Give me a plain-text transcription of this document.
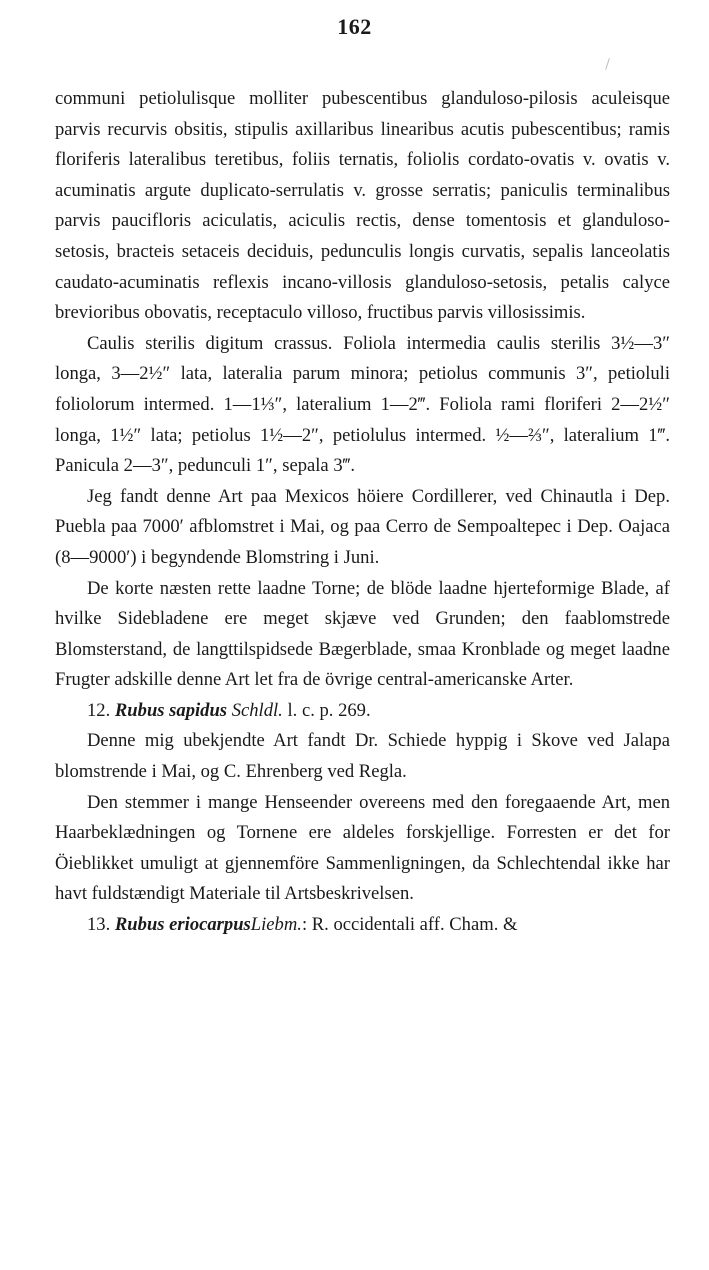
162

communi petiolulisque molliter pubescentibus glanduloso-pilosis aculeisque parvis recurvis obsitis, stipulis axillaribus linearibus acutis pubescentibus; ramis floriferis lateralibus teretibus, foliis ternatis, foliolis cordato-ovatis v. ovatis v. acuminatis argute duplicato-serrulatis v. grosse serratis; paniculis terminalibus parvis paucifloris aciculatis, aciculis rectis, dense tomentosis et glanduloso-setosis, bracteis setaceis deciduis, pedunculis longis curvatis, sepalis lanceolatis caudato-acuminatis reflexis incano-villosis glanduloso-setosis, petalis calyce brevioribus obovatis, receptaculo villoso, fructibus parvis villosissimis.

Caulis sterilis digitum crassus. Foliola intermedia caulis sterilis 3½—3″ longa, 3—2½″ lata, lateralia parum minora; petiolus communis 3″, petioluli foliolorum intermed. 1—1⅓″, lateralium 1—2‴. Foliola rami floriferi 2—2½″ longa, 1½″ lata; petiolus 1½—2″, petiolulus intermed. ½—⅔″, lateralium 1‴. Panicula 2—3″, pedunculi 1″, sepala 3‴.

Jeg fandt denne Art paa Mexicos höiere Cordillerer, ved Chinautla i Dep. Puebla paa 7000′ afblomstret i Mai, og paa Cerro de Sempoaltepec i Dep. Oajaca (8—9000′) i begyndende Blomstring i Juni.

De korte næsten rette laadne Torne; de blöde laadne hjerteformige Blade, af hvilke Sidebladene ere meget skjæve ved Grunden; den faablomstrede Blomsterstand, de langttilspidsede Bægerblade, smaa Kronblade og meget laadne Frugter adskille denne Art let fra de övrige central-americanske Arter.

12. Rubus sapidus Schldl. l. c. p. 269.

Denne mig ubekjendte Art fandt Dr. Schiede hyppig i Skove ved Jalapa blomstrende i Mai, og C. Ehrenberg ved Regla.

Den stemmer i mange Henseender overeens med den foregaaende Art, men Haarbeklædningen og Tornene ere aldeles forskjellige. Forresten er det for Öieblikket umuligt at gjennemföre Sammenligningen, da Schlechtendal ikke har havt fuldstændigt Materiale til Artsbeskrivelsen.

13. Rubus eriocarpusLiebm.: R. occidentali aff. Cham. &
